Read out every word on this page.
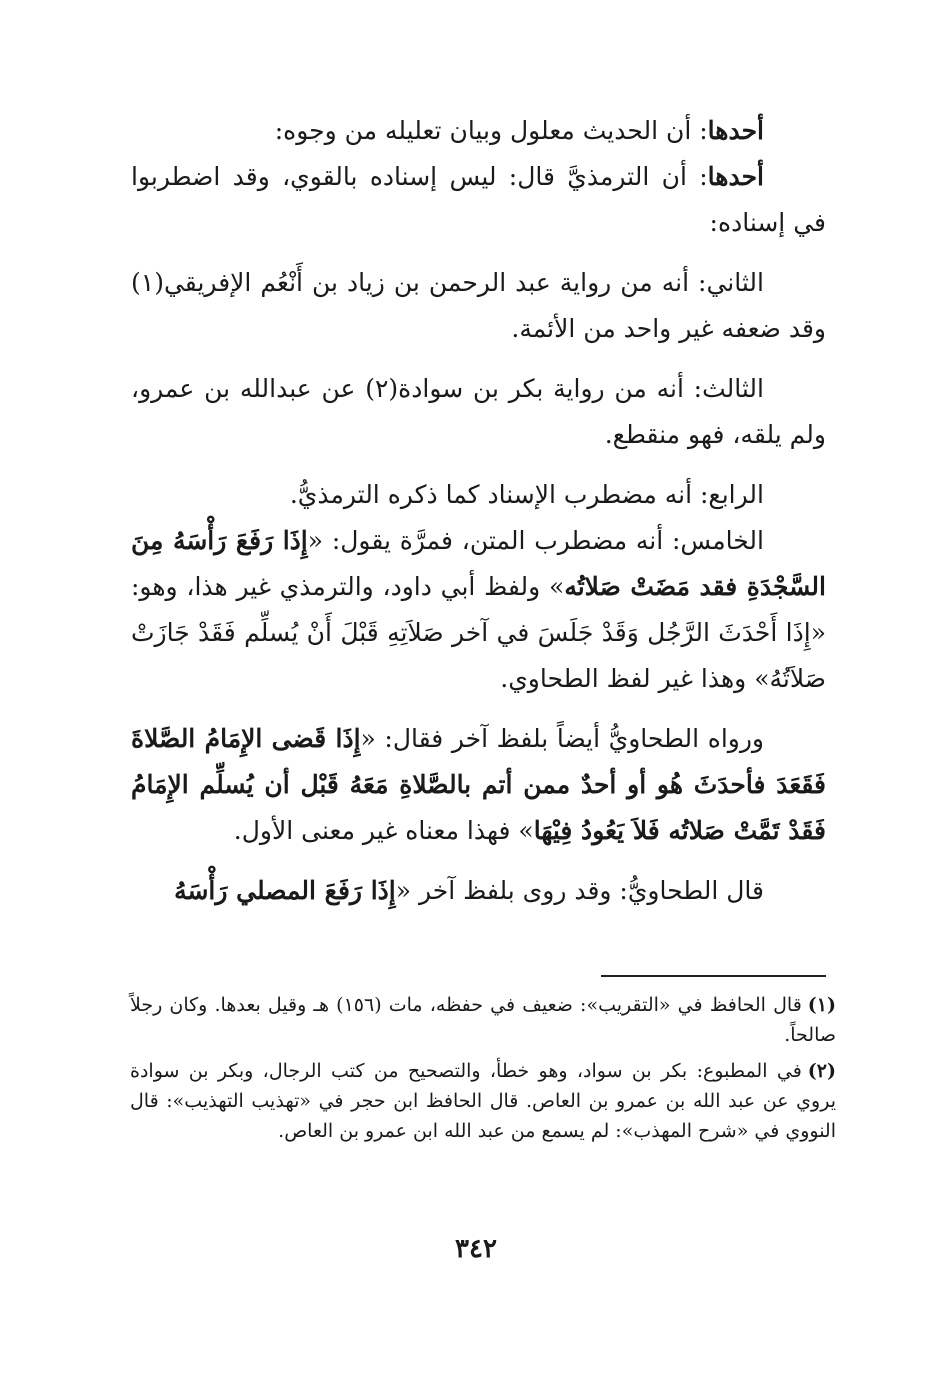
أحدها: أن الحديث معلول وبيان تعليله من وجوه:

أحدها: أن الترمذيَّ قال: ليس إسناده بالقوي، وقد اضطربوا في إسناده:

الثاني: أنه من رواية عبد الرحمن بن زياد بن أَنْعُم الإفريقي(١) وقد ضعفه غير واحد من الأئمة.

الثالث: أنه من رواية بكر بن سوادة(٢) عن عبدالله بن عمرو، ولم يلقه، فهو منقطع.

الرابع: أنه مضطرب الإسناد كما ذكره الترمذيُّ.

الخامس: أنه مضطرب المتن، فمرَّة يقول: «إِذَا رَفَعَ رَأْسَهُ مِنَ السَّجْدَةِ فقد مَضَتْ صَلاتُه» ولفظ أبي داود، والترمذي غير هذا، وهو: «إِذَا أَحْدَثَ الرَّجُل وَقَدْ جَلَسَ في آخر صَلاَتِهِ قَبْلَ أَنْ يُسلِّم فَقَدْ جَازَتْ صَلاَتُهُ» وهذا غير لفظ الطحاوي.

ورواه الطحاويُّ أيضاً بلفظ آخر فقال: «إِذَا قَضى الإِمَامُ الصَّلاةَ فَقَعَدَ فأحدَثَ هُو أو أحدٌ ممن أتم بالصَّلاةِ مَعَهُ قَبْل أن يُسلِّم الإِمَامُ فَقَدْ تَمَّتْ صَلاتُه فَلاَ يَعُودُ فِيْهَا» فهذا معناه غير معنى الأول.

قال الطحاويُّ: وقد روى بلفظ آخر «إِذَا رَفَعَ المصلي رَأْسَهُ

(١)قال الحافظ في «التقريب»: ضعيف في حفظه، مات (١٥٦) هـ وقيل بعدها. وكان رجلاً صالحاً.

(٢)في المطبوع: بكر بن سواد، وهو خطأ، والتصحيح من كتب الرجال، وبكر بن سوادة يروي عن عبد الله بن عمرو بن العاص. قال الحافظ ابن حجر في «تهذيب التهذيب»: قال النووي في «شرح المهذب»: لم يسمع من عبد الله ابن عمرو بن العاص.

٣٤٢
